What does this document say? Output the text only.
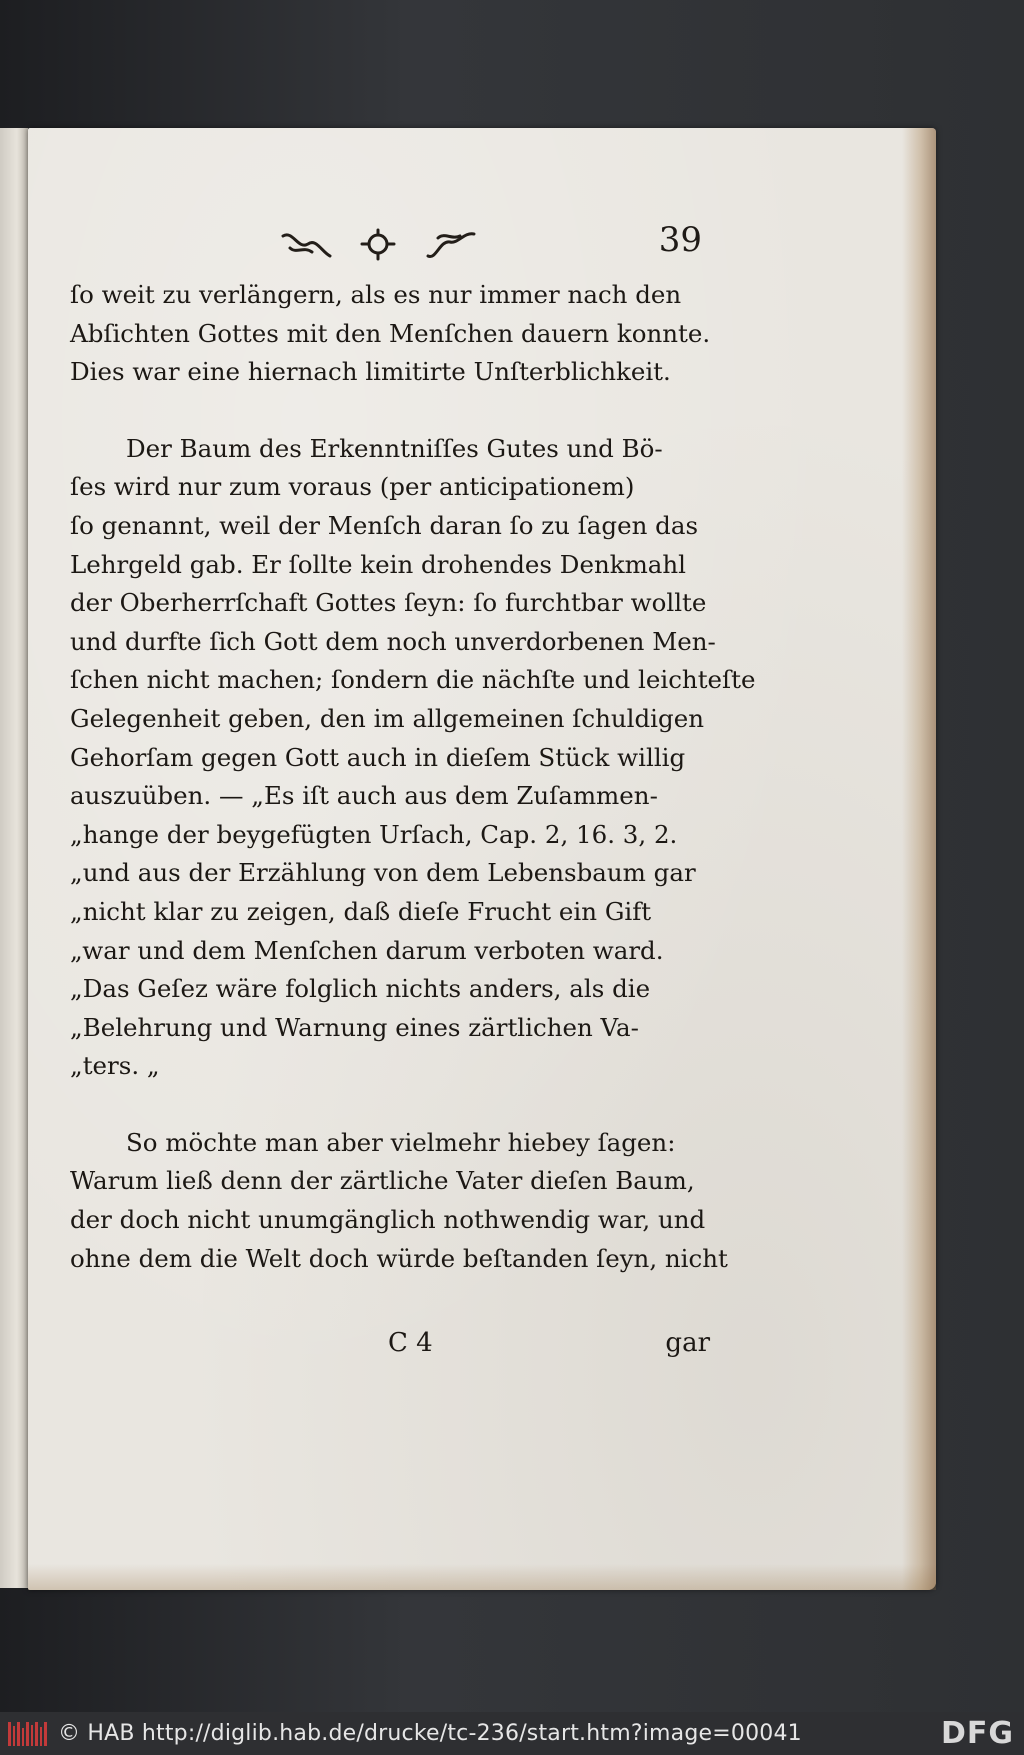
39

ſo weit zu verlängern, als es nur immer nach den
Abſichten Gottes mit den Menſchen dauern konnte.
Dies war eine hiernach limitirte Unſterblichkeit.

Der Baum des Erkenntniſſes Gutes und Bö-
ſes wird nur zum voraus (per anticipationem)
ſo genannt, weil der Menſch daran ſo zu ſagen das
Lehrgeld gab. Er ſollte kein drohendes Denkmahl
der Oberherrſchaft Gottes ſeyn: ſo furchtbar wollte
und durfte ſich Gott dem noch unverdorbenen Men-
ſchen nicht machen; ſondern die nächſte und leichteſte
Gelegenheit geben, den im allgemeinen ſchuldigen
Gehorſam gegen Gott auch in dieſem Stück willig
auszuüben. — „Es iſt auch aus dem Zuſammen-
„hange der beygefügten Urſach, Cap. 2, 16. 3, 2.
„und aus der Erzählung von dem Lebensbaum gar
„nicht klar zu zeigen, daß dieſe Frucht ein Gift
„war und dem Menſchen darum verboten ward.
„Das Geſez wäre folglich nichts anders, als die
„Belehrung und Warnung eines zärtlichen Va-
„ters. „

So möchte man aber vielmehr hiebey ſagen:
Warum ließ denn der zärtliche Vater dieſen Baum,
der doch nicht unumgänglich nothwendig war, und
ohne dem die Welt doch würde beſtanden ſeyn, nicht

C 4	gar
© HAB http://diglib.hab.de/drucke/tc-236/start.htm?image=00041	DFG
